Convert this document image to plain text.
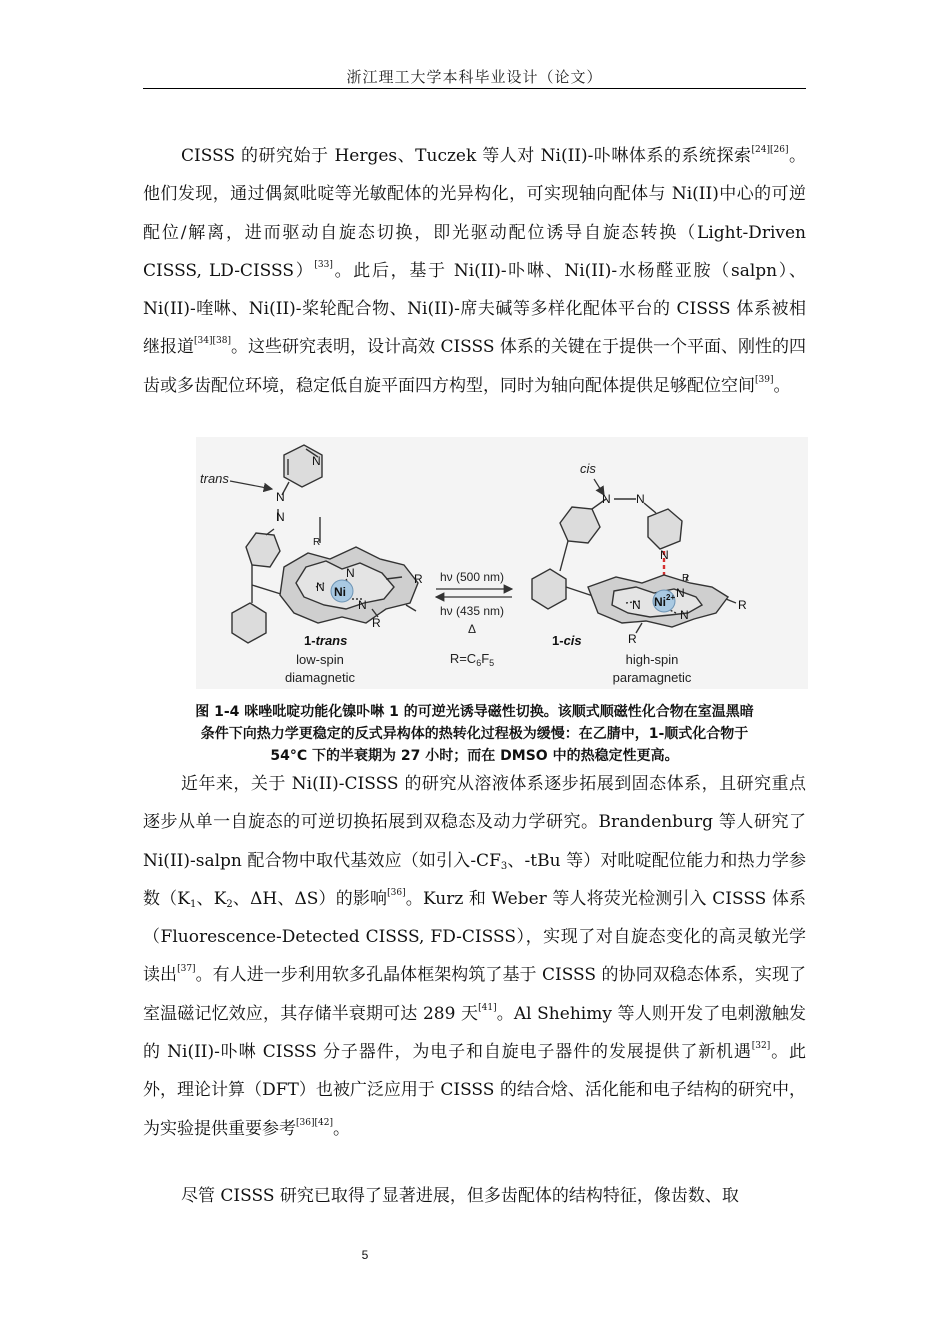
浙江理工大学本科毕业设计（论文）

CISSS 的研究始于 Herges、Tuczek 等人对 Ni(II)-卟啉体系的系统探索[24][26]。他们发现，通过偶氮吡啶等光敏配体的光异构化，可实现轴向配体与 Ni(II)中心的可逆配位/解离，进而驱动自旋态切换，即光驱动配位诱导自旋态转换（Light-Driven CISSS, LD-CISSS）[33]。此后，基于 Ni(II)-卟啉、Ni(II)-水杨醛亚胺（salpn）、Ni(II)-喹啉、Ni(II)-桨轮配合物、Ni(II)-席夫碱等多样化配体平台的 CISSS 体系被相继报道[34][38]。这些研究表明，设计高效 CISSS 体系的关键在于提供一个平面、刚性的四齿或多齿配位环境，稳定低自旋平面四方构型，同时为轴向配体提供足够配位空间[39]。

trans
N
N
N
R
R
R
N
N
N
Ni
1-trans
low-spin
diamagnetic
hν (500 nm)
hν (435 nm)
Δ
$R=C_6F_5$
cis
N N
N
R
R
R
N
N
N
$Ni^{2+}$
1-cis
high-spin
paramagnetic
图 1-4 咪唑吡啶功能化镍卟啉 1 的可逆光诱导磁性切换。该顺式顺磁性化合物在室温黑暗
条件下向热力学更稳定的反式异构体的热转化过程极为缓慢：在乙腈中，1-顺式化合物于
54°C 下的半衰期为 27 小时；而在 DMSO 中的热稳定性更高。

近年来，关于 Ni(II)-CISSS 的研究从溶液体系逐步拓展到固态体系，且研究重点逐步从单一自旋态的可逆切换拓展到双稳态及动力学研究。Brandenburg 等人研究了 Ni(II)-salpn 配合物中取代基效应（如引入$-CF_3$、-tBu 等）对吡啶配位能力和热力学参数（$K_1$、$K_2$、ΔH、ΔS）的影响[36]。Kurz 和 Weber 等人将荧光检测引入 CISSS 体系（Fluorescence-Detected CISSS, FD-CISSS），实现了对自旋态变化的高灵敏光学读出[37]。有人进一步利用软多孔晶体框架构筑了基于 CISSS 的协同双稳态体系，实现了室温磁记忆效应，其存储半衰期可达 289 天[41]。Al Shehimy 等人则开发了电刺激触发的 Ni(II)-卟啉 CISSS 分子器件，为电子和自旋电子器件的发展提供了新机遇[32]。此外，理论计算（DFT）也被广泛应用于 CISSS 的结合焓、活化能和电子结构的研究中，为实验提供重要参考[36][42]。

尽管 CISSS 研究已取得了显著进展，但多齿配体的结构特征，像齿数、取

5
